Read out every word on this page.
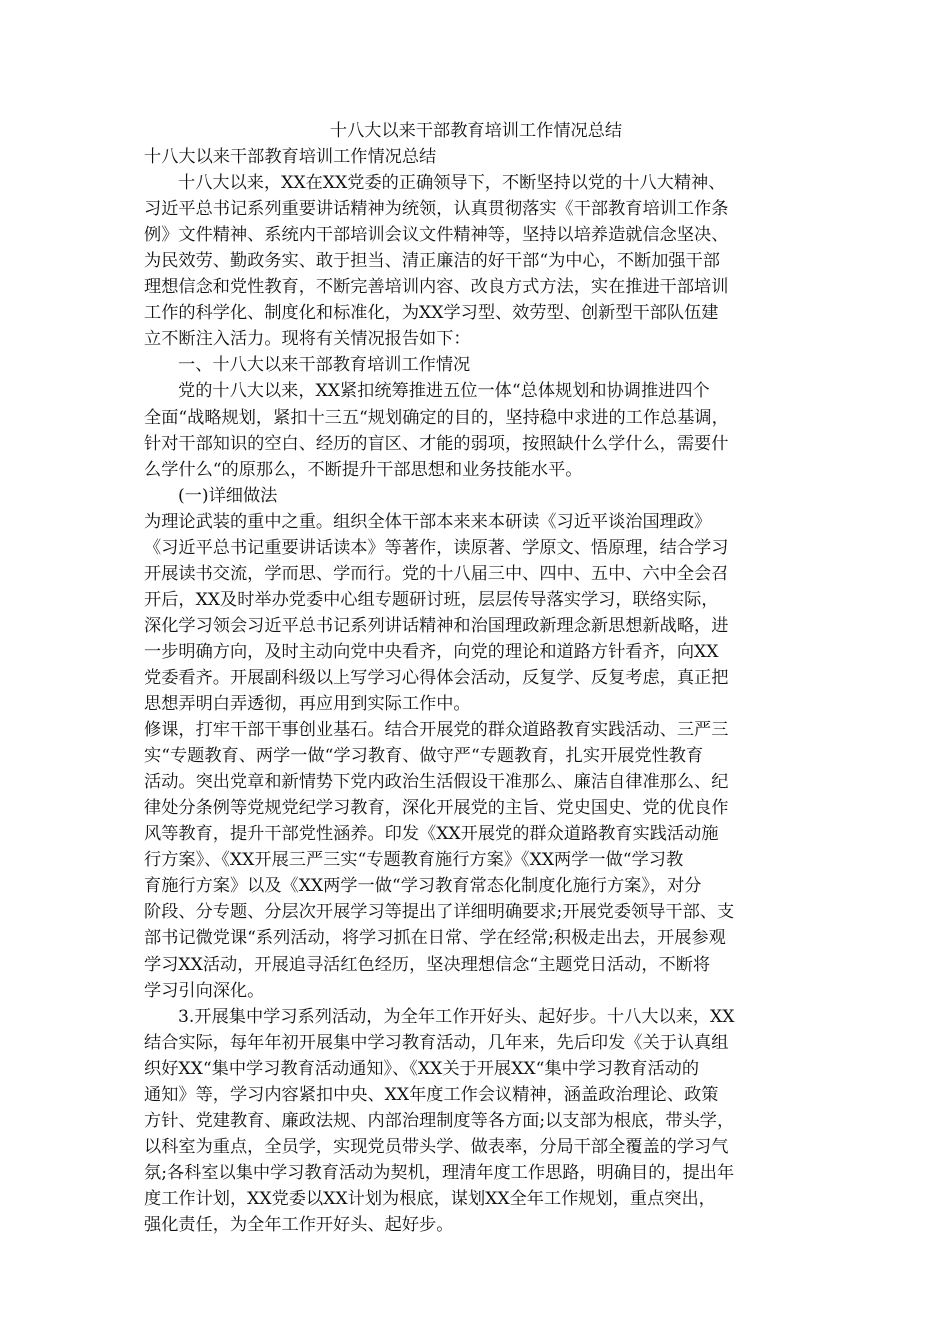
十八大以来干部教育培训工作情况总结
十八大以来干部教育培训工作情况总结
十八大以来，XX在XX党委的正确领导下，不断坚持以党的十八大精神、
习近平总书记系列重要讲话精神为统领，认真贯彻落实《干部教育培训工作条
例》文件精神、系统内干部培训会议文件精神等，坚持以培养造就信念坚决、
为民效劳、勤政务实、敢于担当、清正廉洁的好干部“为中心，不断加强干部
理想信念和党性教育，不断完善培训内容、改良方式方法，实在推进干部培训
工作的科学化、制度化和标准化，为XX学习型、效劳型、创新型干部队伍建
立不断注入活力。现将有关情况报告如下：
一、十八大以来干部教育培训工作情况
党的十八大以来，XX紧扣统筹推进五位一体“总体规划和协调推进四个
全面“战略规划，紧扣十三五“规划确定的目的，坚持稳中求进的工作总基调，
针对干部知识的空白、经历的盲区、才能的弱项，按照缺什么学什么，需要什
么学什么“的原那么，不断提升干部思想和业务技能水平。
(一)详细做法
为理论武装的重中之重。组织全体干部本来来本研读《习近平谈治国理政》
《习近平总书记重要讲话读本》等著作，读原著、学原文、悟原理，结合学习
开展读书交流，学而思、学而行。党的十八届三中、四中、五中、六中全会召
开后，XX及时举办党委中心组专题研讨班，层层传导落实学习，联络实际，
深化学习领会习近平总书记系列讲话精神和治国理政新理念新思想新战略，进
一步明确方向，及时主动向党中央看齐，向党的理论和道路方针看齐，向XX
党委看齐。开展副科级以上写学习心得体会活动，反复学、反复考虑，真正把
思想弄明白弄透彻，再应用到实际工作中。
修课，打牢干部干事创业基石。结合开展党的群众道路教育实践活动、三严三
实“专题教育、两学一做“学习教育、做守严“专题教育，扎实开展党性教育
活动。突出党章和新情势下党内政治生活假设干准那么、廉洁自律准那么、纪
律处分条例等党规党纪学习教育，深化开展党的主旨、党史国史、党的优良作
风等教育，提升干部党性涵养。印发《XX开展党的群众道路教育实践活动施
行方案》、《XX开展三严三实“专题教育施行方案》《XX两学一做“学习教
育施行方案》以及《XX两学一做“学习教育常态化制度化施行方案》，对分
阶段、分专题、分层次开展学习等提出了详细明确要求;开展党委领导干部、支
部书记微党课“系列活动，将学习抓在日常、学在经常;积极走出去，开展参观
学习XX活动，开展追寻活红色经历，坚决理想信念“主题党日活动，不断将
学习引向深化。
3.开展集中学习系列活动，为全年工作开好头、起好步。十八大以来，XX
结合实际，每年年初开展集中学习教育活动，几年来，先后印发《关于认真组
织好XX“集中学习教育活动通知》、《XX关于开展XX“集中学习教育活动的
通知》等，学习内容紧扣中央、XX年度工作会议精神，涵盖政治理论、政策
方针、党建教育、廉政法规、内部治理制度等各方面;以支部为根底，带头学，
以科室为重点，全员学，实现党员带头学、做表率，分局干部全覆盖的学习气
氛;各科室以集中学习教育活动为契机，理清年度工作思路，明确目的，提出年
度工作计划，XX党委以XX计划为根底，谋划XX全年工作规划，重点突出，
强化责任，为全年工作开好头、起好步。
